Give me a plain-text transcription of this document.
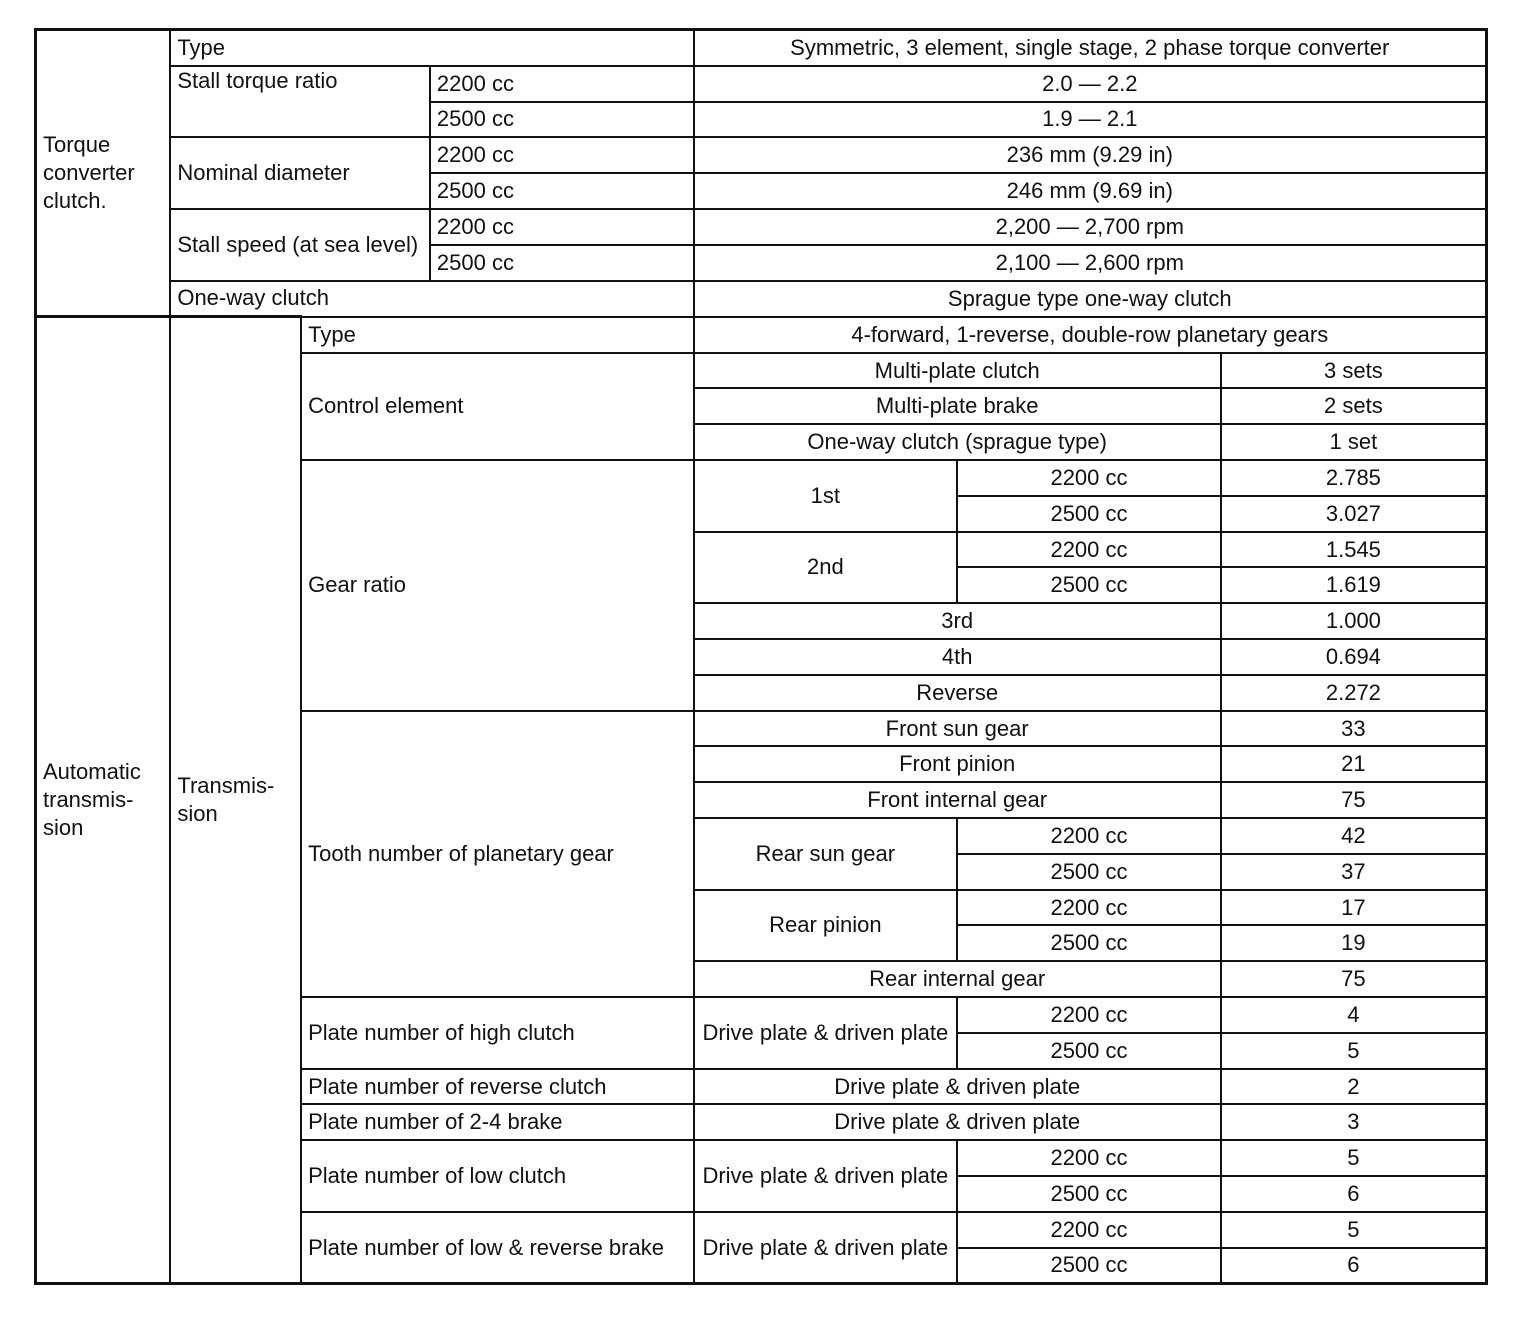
Torque converter clutch.	Type			Symmetric, 3 element, single stage, 2 phase torque converter		
	Stall torque ratio		2200 cc	2.0 — 2.2		
			2500 cc	1.9 — 2.1		
	Nominal diameter		2200 cc	236 mm (9.29 in)		
			2500 cc	246 mm (9.69 in)		
	Stall speed (at sea level)		2200 cc	2,200 — 2,700 rpm		
			2500 cc	2,100 — 2,600 rpm		
	One-way clutch			Sprague type one-way clutch		
Automatic transmis-sion	Transmis-sion	Type		4-forward, 1-reverse, double-row planetary gears		
		Control element		Multi-plate clutch		3 sets
				Multi-plate brake		2 sets
				One-way clutch (sprague type)		1 set
		Gear ratio		1st	2200 cc	2.785
					2500 cc	3.027
				2nd	2200 cc	1.545
					2500 cc	1.619
				3rd		1.000
				4th		0.694
				Reverse		2.272
		Tooth number of planetary gear		Front sun gear		33
				Front pinion		21
				Front internal gear		75
				Rear sun gear	2200 cc	42
					2500 cc	37
				Rear pinion	2200 cc	17
					2500 cc	19
				Rear internal gear		75
		Plate number of high clutch		Drive plate & driven plate	2200 cc	4
					2500 cc	5
		Plate number of reverse clutch		Drive plate & driven plate		2
		Plate number of 2-4 brake		Drive plate & driven plate		3
		Plate number of low clutch		Drive plate & driven plate	2200 cc	5
					2500 cc	6
		Plate number of low & reverse brake		Drive plate & driven plate	2200 cc	5
					2500 cc	6
